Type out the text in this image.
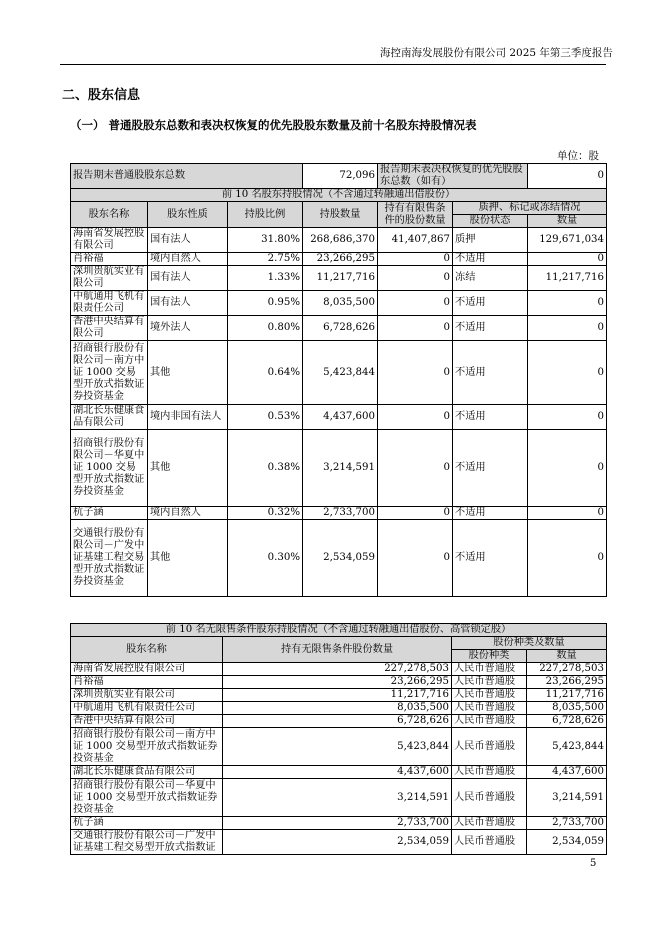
海控南海发展股份有限公司 2025 年第三季度报告
二、股东信息
（一） 普通股股东总数和表决权恢复的优先股股东数量及前十名股东持股情况表
单位：股
报告期末普通股股东总数			72,096	报告期末表决权恢复的优先股股东总数（如有）		0
前 10 名股东持股情况（不含通过转融通出借股份）						
股东名称	股东性质	持股比例	持股数量	持有有限售条件的股份数量	质押、标记或冻结情况	
					股份状态	数量
海南省发展控股有限公司	国有法人	31.80%	268,686,370	41,407,867	质押	129,671,034
肖裕福	境内自然人	2.75%	23,266,295	0	不适用	0
深圳贵航实业有限公司	国有法人	1.33%	11,217,716	0	冻结	11,217,716
中航通用飞机有限责任公司	国有法人	0.95%	8,035,500	0	不适用	0
香港中央结算有限公司	境外法人	0.80%	6,728,626	0	不适用	0
招商银行股份有限公司－南方中证 1000 交易型开放式指数证券投资基金	其他	0.64%	5,423,844	0	不适用	0
湖北长乐健康食品有限公司	境内非国有法人	0.53%	4,437,600	0	不适用	0
招商银行股份有限公司－华夏中证 1000 交易型开放式指数证券投资基金	其他	0.38%	3,214,591	0	不适用	0
杭子涵	境内自然人	0.32%	2,733,700	0	不适用	0
交通银行股份有限公司－广发中证基建工程交易型开放式指数证券投资基金	其他	0.30%	2,534,059	0	不适用	0
前 10 名无限售条件股东持股情况（不含通过转融通出借股份、高管锁定股）			
股东名称	持有无限售条件股份数量	股份种类及数量	
		股份种类	数量
海南省发展控股有限公司	227,278,503	人民币普通股	227,278,503
肖裕福	23,266,295	人民币普通股	23,266,295
深圳贵航实业有限公司	11,217,716	人民币普通股	11,217,716
中航通用飞机有限责任公司	8,035,500	人民币普通股	8,035,500
香港中央结算有限公司	6,728,626	人民币普通股	6,728,626
招商银行股份有限公司－南方中证 1000 交易型开放式指数证券投资基金	5,423,844	人民币普通股	5,423,844
湖北长乐健康食品有限公司	4,437,600	人民币普通股	4,437,600
招商银行股份有限公司－华夏中证 1000 交易型开放式指数证券投资基金	3,214,591	人民币普通股	3,214,591
杭子涵	2,733,700	人民币普通股	2,733,700
交通银行股份有限公司－广发中证基建工程交易型开放式指数证	2,534,059	人民币普通股	2,534,059
5
